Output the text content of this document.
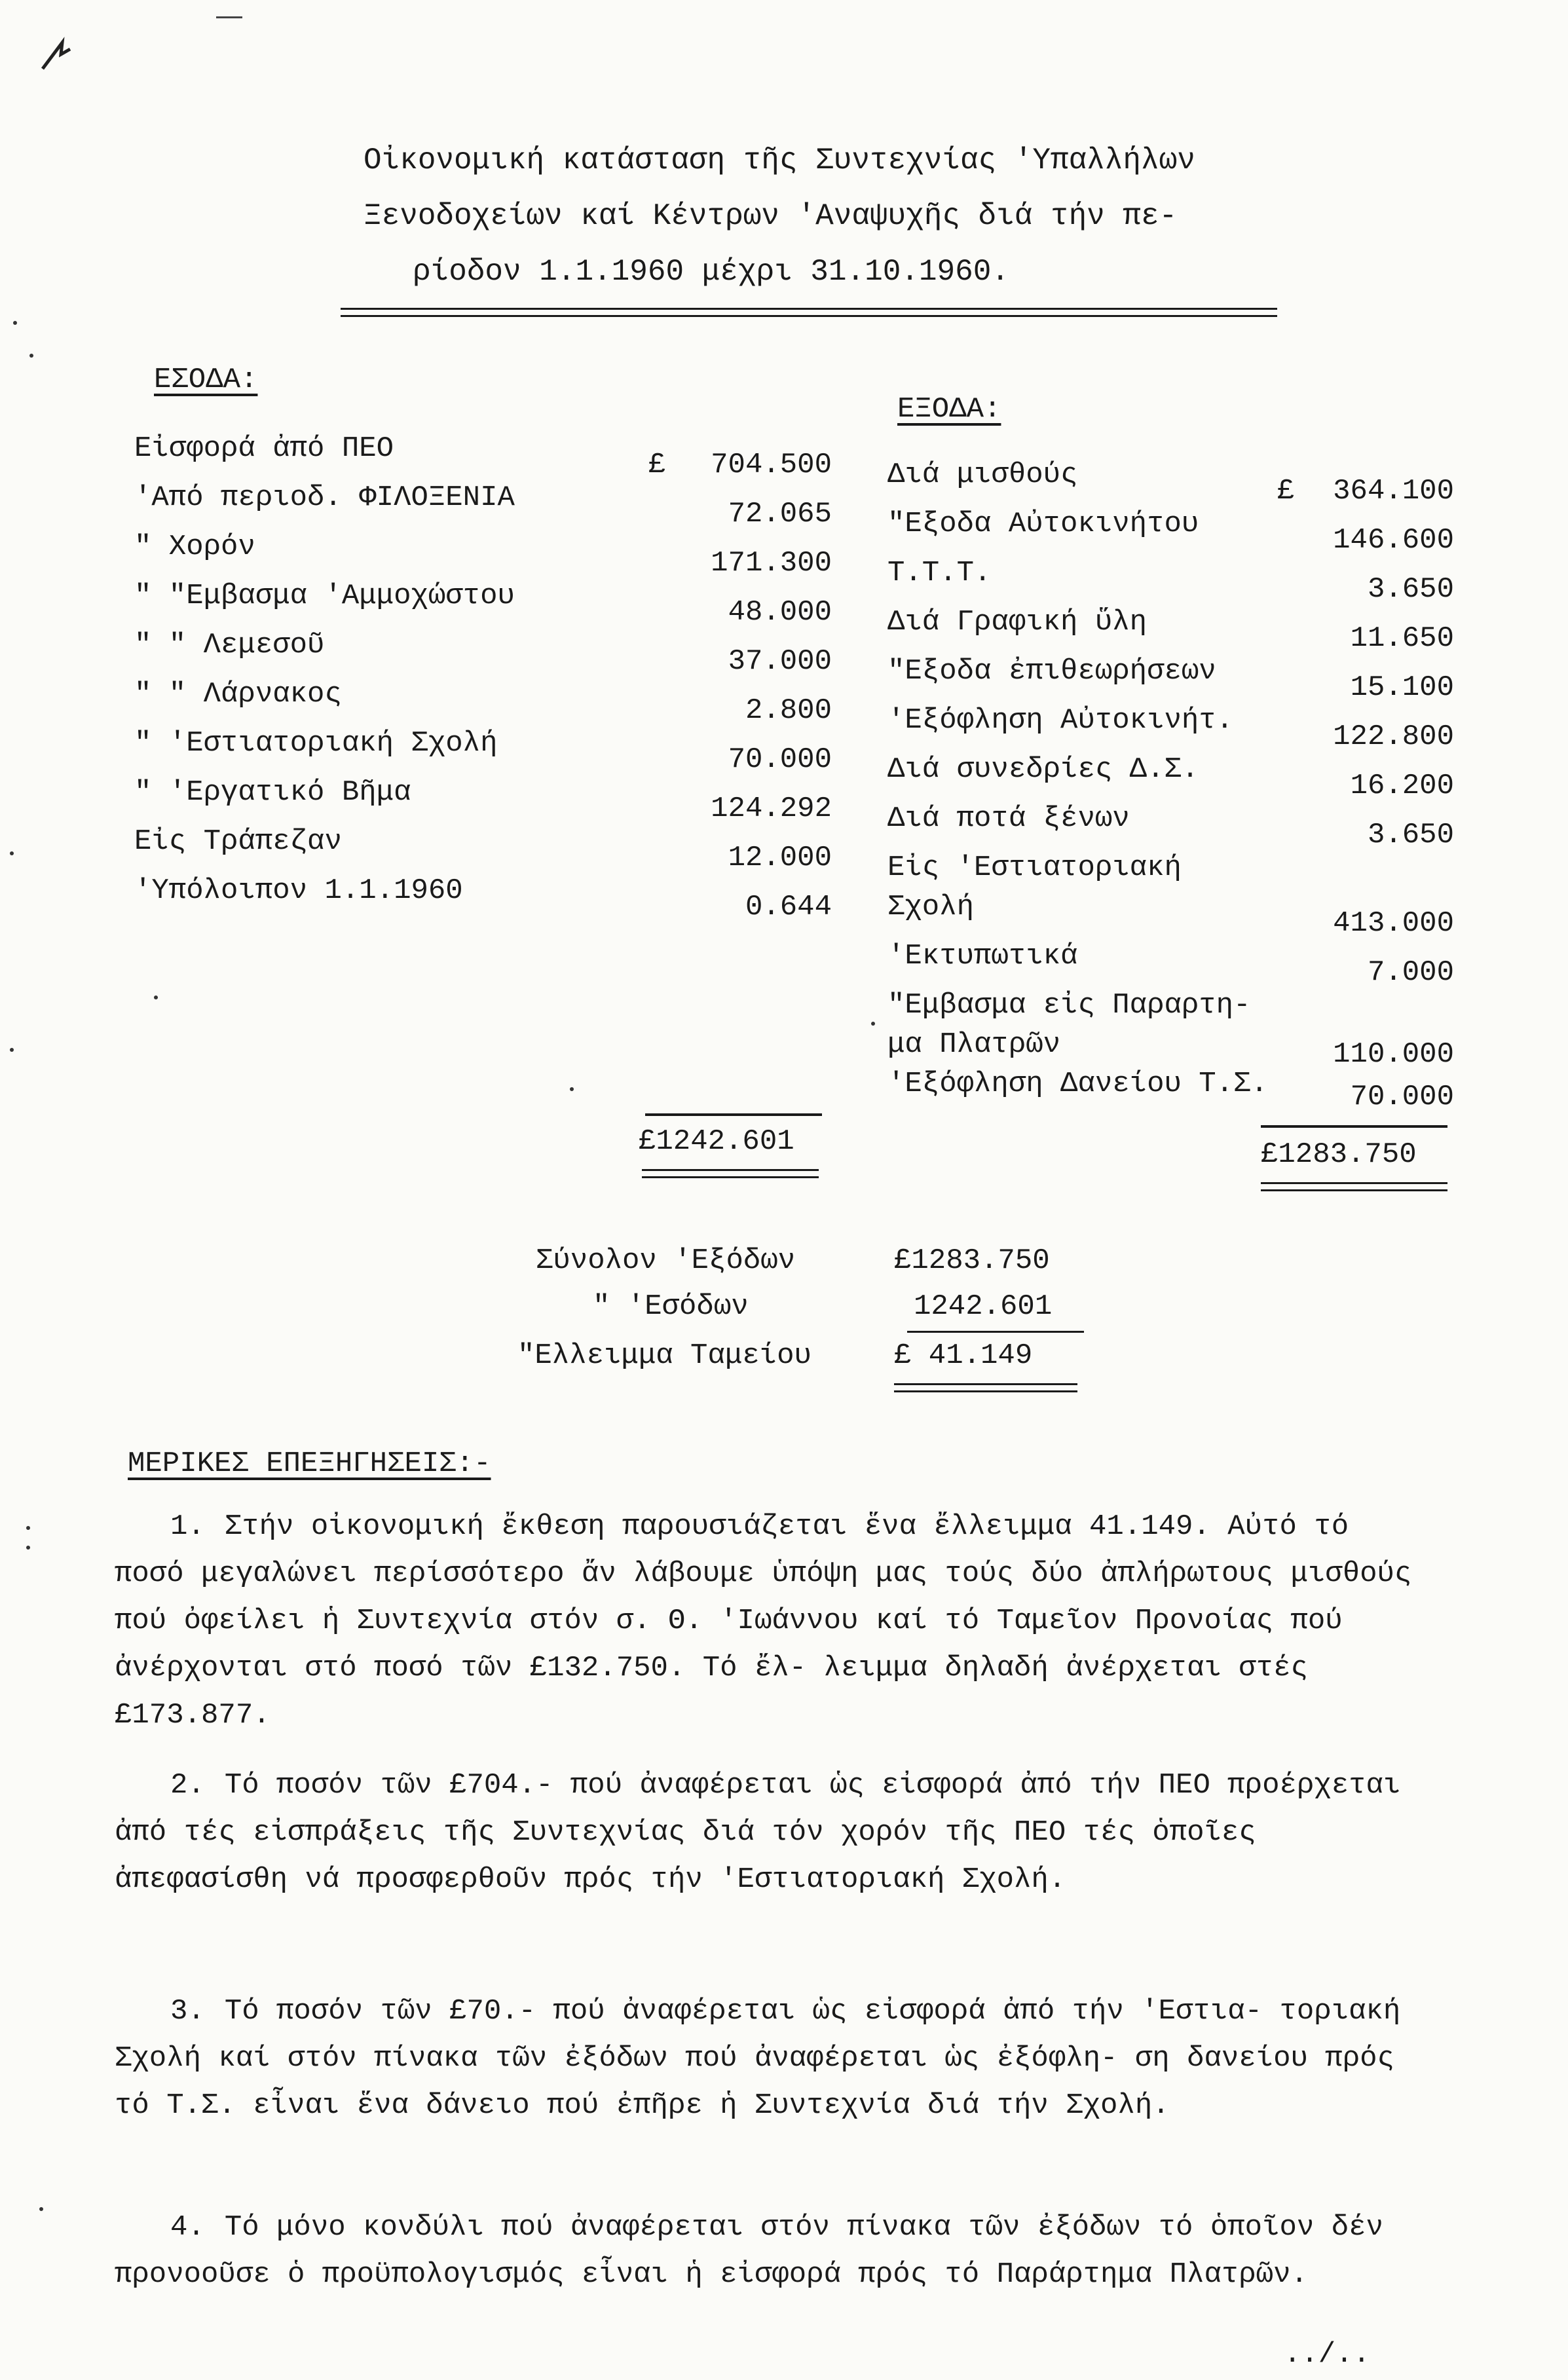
Οἰκονομική κατάσταση τῆς Συντεχνίας 'Υπαλλήλων
Ξενοδοχείων καί Κέντρων 'Αναψυχῆς διά τήν πε-
ρίοδον 1.1.1960 μέχρι 31.10.1960.
ΕΣΟΔΑ:
Εἰσφορά ἀπό ΠΕΟ	704.500
'Από περιοδ. ΦΙΛΟΞΕΝΙΑ	72.065
" Χορόν	171.300
" "Εμβασμα 'Αμμοχώστου	48.000
" " Λεμεσοῦ	37.000
" " Λάρνακος	2.800
" 'Εστιατοριακή Σχολή	70.000
" 'Εργατικό Βῆμα	124.292
Εἰς Τράπεζαν	12.000
'Υπόλοιπον 1.1.1960	0.644
£
£1242.601
ΕΞΟΔΑ:
Διά μισθούς	364.100
"Εξοδα Αὐτοκινήτου	146.600
Τ.Τ.Τ.	3.650
Διά Γραφική ὕλη	11.650
"Εξοδα ἐπιθεωρήσεων	15.100
'Εξόφληση Αὐτοκινήτ.	122.800
Διά συνεδρίες Δ.Σ.	16.200
Διά ποτά ξένων	3.650
Εἰς 'Εστιατοριακή
Σχολή	413.000
'Εκτυπωτικά	7.000
"Εμβασμα εἰς Παραρτη-
μα Πλατρῶν	110.000
'Εξόφληση Δανείου Τ.Σ.	70.000
£
£1283.750
Σύνολον 'Εξόδων	£1283.750
" 'Εσόδων	1242.601
"Ελλειμμα Ταμείου	£ 41.149
ΜΕΡΙΚΕΣ ΕΠΕΞΗΓΗΣΕΙΣ:-
1. Στήν οἰκονομική ἔκθεση παρουσιάζεται ἕνα ἔλλειμμα 41.149. Αὐτό τό ποσό μεγαλώνει περίσσότερο ἄν λάβουμε ὑπόψη μας τούς δύο ἀπλήρωτους μισθούς πού ὀφείλει ἡ Συντεχνία στόν σ. Θ. 'Ιωάννου καί τό Ταμεῖον Προνοίας πού ἀνέρχονται στό ποσό τῶν £132.750. Τό ἔλ- λειμμα δηλαδή ἀνέρχεται στές £173.877.
2. Τό ποσόν τῶν £704.- πού ἀναφέρεται ὡς εἰσφορά ἀπό τήν ΠΕΟ προέρχεται ἀπό τές εἰσπράξεις τῆς Συντεχνίας διά τόν χορόν τῆς ΠΕΟ τές ὁποῖες ἀπεφασίσθη νά προσφερθοῦν πρός τήν 'Εστιατοριακή Σχολή.
3. Τό ποσόν τῶν £70.- πού ἀναφέρεται ὡς εἰσφορά ἀπό τήν 'Εστια- τοριακή Σχολή καί στόν πίνακα τῶν ἐξόδων πού ἀναφέρεται ὡς ἐξόφλη- ση δανείου πρός τό Τ.Σ. εἶναι ἕνα δάνειο πού ἐπῆρε ἡ Συντεχνία διά τήν Σχολή.
4. Τό μόνο κονδύλι πού ἀναφέρεται στόν πίνακα τῶν ἐξόδων τό ὁποῖον δέν προνοοῦσε ὁ προϋπολογισμός εἶναι ἡ εἰσφορά πρός τό Παράρτημα Πλατρῶν.
../..
